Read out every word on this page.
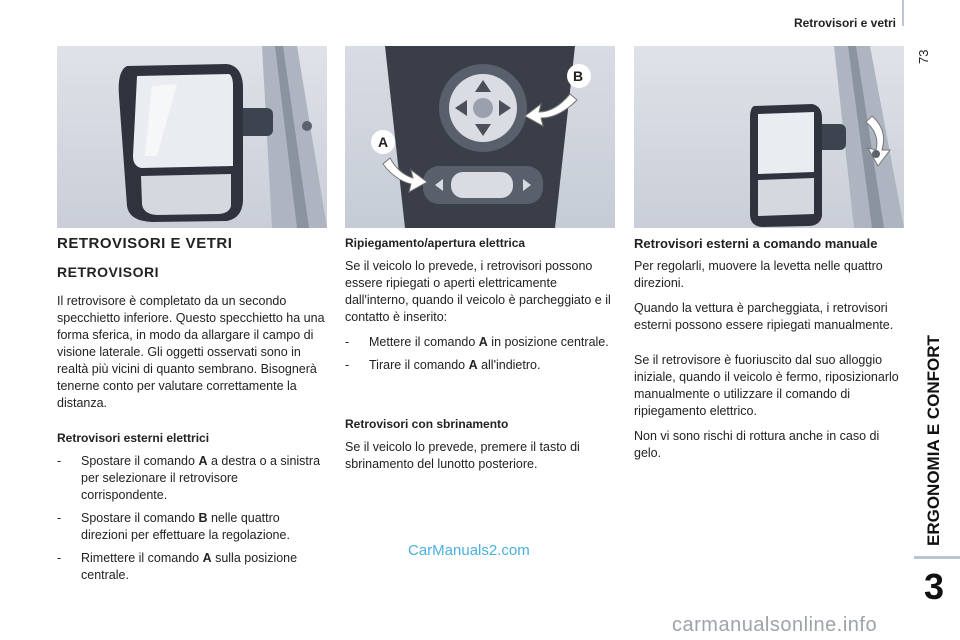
Retrovisori e vetri
73
ERGONOMIA E CONFORT
3
B
A
RETROVISORI E VETRI
RETROVISORI

Il retrovisore è completato da un secondo specchietto inferiore. Questo specchietto ha una forma sferica, in modo da allargare il campo di visione laterale. Gli oggetti osservati sono in realtà più vicini di quanto sembrano. Bisognerà tenerne conto per valutare correttamente la distanza.

Retrovisori esterni elettrici
- Spostare il comando A a destra o a sinistra per selezionare il retrovisore corrispondente.
- Spostare il comando B nelle quattro direzioni per effettuare la regolazione.
- Rimettere il comando A sulla posizione centrale.
Ripiegamento/apertura elettrica

Se il veicolo lo prevede, i retrovisori possono essere ripiegati o aperti elettricamente dall'interno, quando il veicolo è parcheggiato e il contatto è inserito:

- Mettere il comando A in posizione centrale.
- Tirare il comando A all'indietro.
Retrovisori con sbrinamento

Se il veicolo lo prevede, premere il tasto di sbrinamento del lunotto posteriore.

Retrovisori esterni a comando manuale

Per regolarli, muovere la levetta nelle quattro direzioni.

Quando la vettura è parcheggiata, i retrovisori esterni possono essere ripiegati manualmente.

Se il retrovisore è fuoriuscito dal suo alloggio iniziale, quando il veicolo è fermo, riposizionarlo manualmente o utilizzare il comando di ripiegamento elettrico.

Non vi sono rischi di rottura anche in caso di gelo.

CarManuals2.com
carmanualsonline.info
